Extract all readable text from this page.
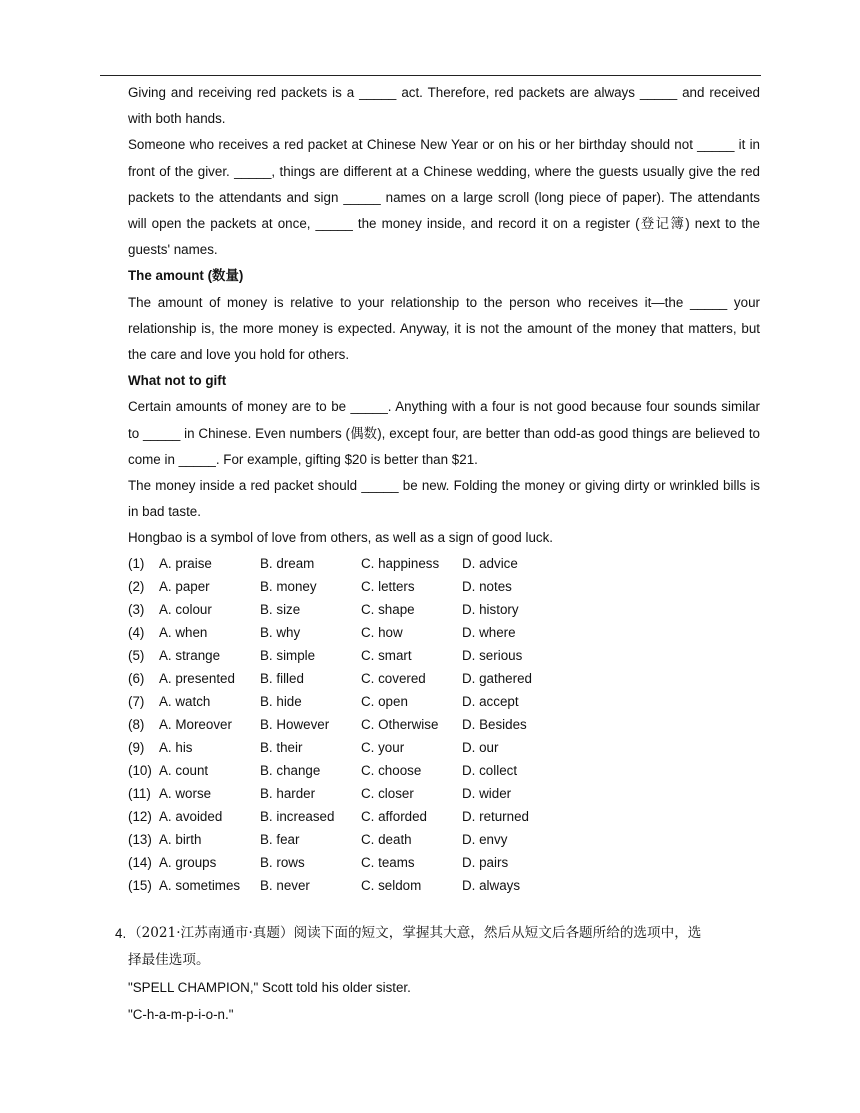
Giving and receiving red packets is a _____ act. Therefore, red packets are always _____ and received with both hands.

Someone who receives a red packet at Chinese New Year or on his or her birthday should not _____ it in front of the giver. _____, things are different at a Chinese wedding, where the guests usually give the red packets to the attendants and sign _____ names on a large scroll (long piece of paper). The attendants will open the packets at once, _____ the money inside, and record it on a register (登记簿) next to the guests' names.

The amount (数量)

The amount of money is relative to your relationship to the person who receives it—the _____ your relationship is, the more money is expected. Anyway, it is not the amount of the money that matters, but the care and love you hold for others.

What not to gift

Certain amounts of money are to be _____. Anything with a four is not good because four sounds similar to _____ in Chinese. Even numbers (偶数), except four, are better than odd-as good things are believed to come in _____. For example, gifting $20 is better than $21.

The money inside a red packet should _____ be new. Folding the money or giving dirty or wrinkled bills is in bad taste.

Hongbao is a symbol of love from others, as well as a sign of good luck.

(1)	A. praise	B. dream	C. happiness	D. advice
(2)	A. paper	B. money	C. letters	D. notes
(3)	A. colour	B. size	C. shape	D. history
(4)	A. when	B. why	C. how	D. where
(5)	A. strange	B. simple	C. smart	D. serious
(6)	A. presented	B. filled	C. covered	D. gathered
(7)	A. watch	B. hide	C. open	D. accept
(8)	A. Moreover	B. However	C. Otherwise	D. Besides
(9)	A. his	B. their	C. your	D. our
(10) A. count	B. change	C. choose	D. collect
(11) A. worse	B. harder	C. closer	D. wider
(12) A. avoided	B. increased	C. afforded	D. returned
(13) A. birth	B. fear	C. death	D. envy
(14) A. groups	B. rows	C. teams	D. pairs
(15) A. sometimes	B. never	C. seldom	D. always
4. （2021·江苏南通市·真题）阅读下面的短文，掌握其大意，然后从短文后各题所给的选项中，选

择最佳选项。

"SPELL CHAMPION," Scott told his older sister.

"C-h-a-m-p-i-o-n."
